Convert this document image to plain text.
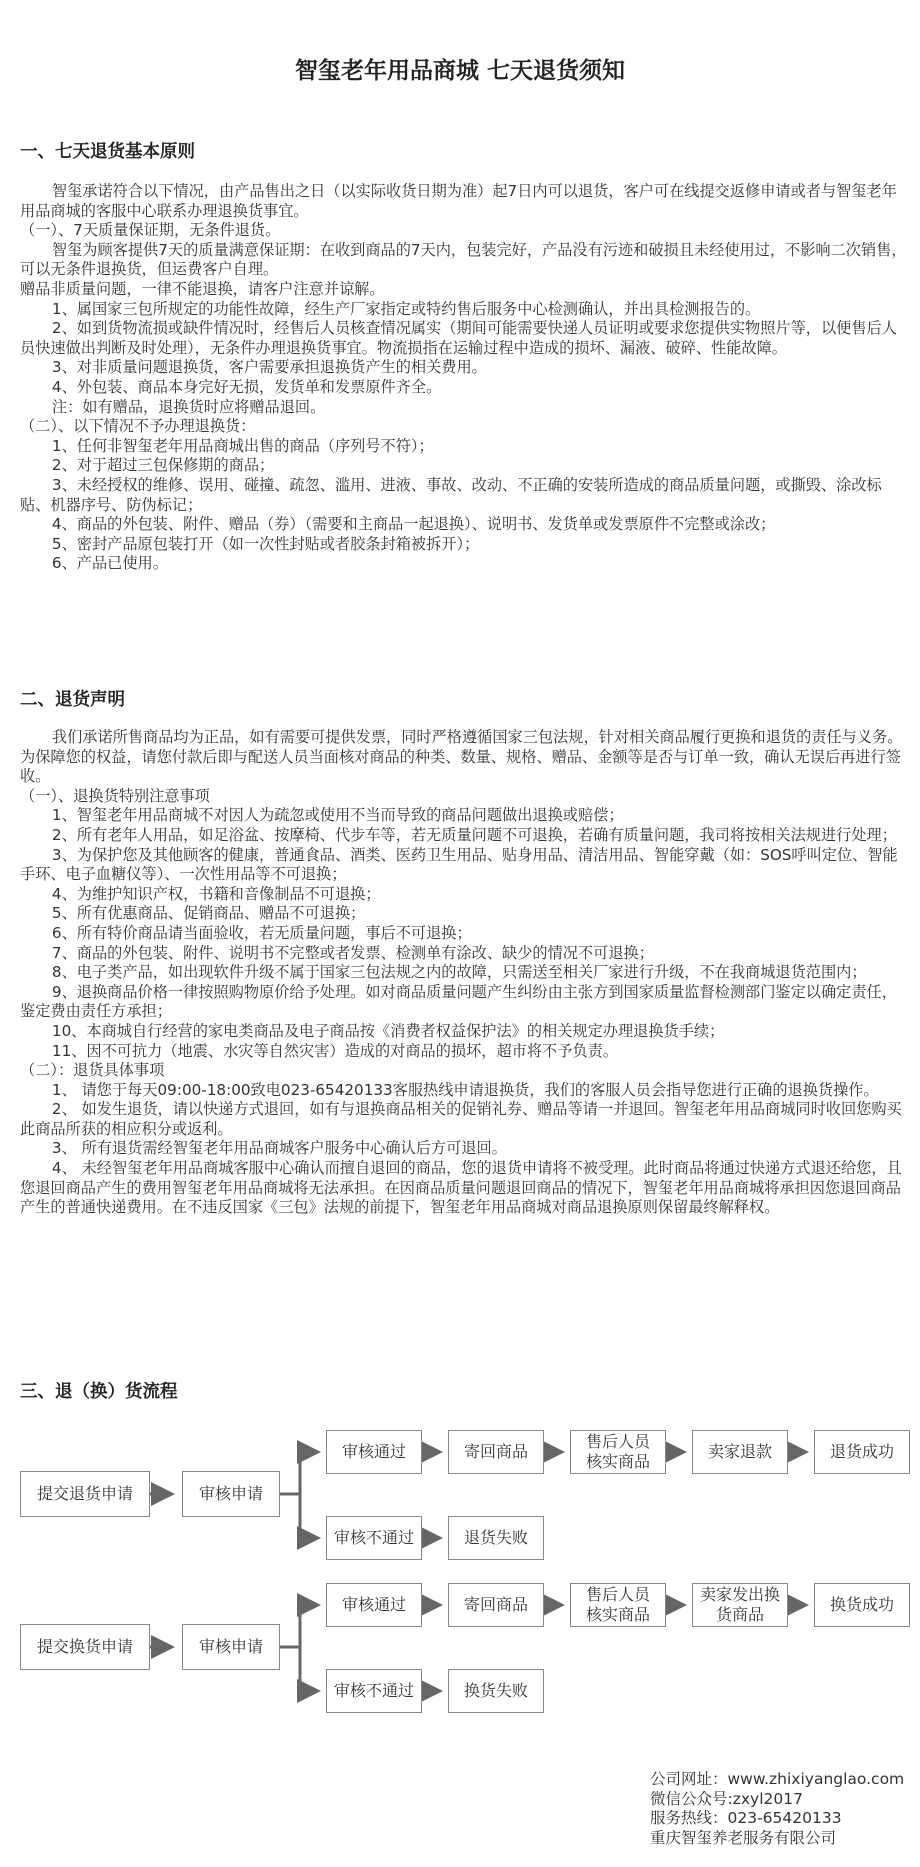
智玺老年用品商城 七天退货须知
一、七天退货基本原则

智玺承诺符合以下情况，由产品售出之日（以实际收货日期为准）起7日内可以退货，客户可在线提交返修申请或者与智玺老年用品商城的客服中心联系办理退换货事宜。

（一）、7天质量保证期，无条件退货。

智玺为顾客提供7天的质量满意保证期：在收到商品的7天内，包装完好，产品没有污迹和破损且未经使用过，不影响二次销售，可以无条件退换货，但运费客户自理。

赠品非质量问题，一律不能退换，请客户注意并谅解。

1、属国家三包所规定的功能性故障，经生产厂家指定或特约售后服务中心检测确认，并出具检测报告的。

2、如到货物流损或缺件情况时，经售后人员核查情况属实（期间可能需要快递人员证明或要求您提供实物照片等，以便售后人员快速做出判断及时处理），无条件办理退换货事宜。物流损指在运输过程中造成的损坏、漏液、破碎、性能故障。

3、对非质量问题退换货，客户需要承担退换货产生的相关费用。

4、外包装、商品本身完好无损，发货单和发票原件齐全。

注：如有赠品，退换货时应将赠品退回。

（二）、以下情况不予办理退换货：

1、任何非智玺老年用品商城出售的商品（序列号不符）；

2、对于超过三包保修期的商品；

3、未经授权的维修、误用、碰撞、疏忽、滥用、进液、事故、改动、不正确的安装所造成的商品质量问题，或撕毁、涂改标贴、机器序号、防伪标记；

4、商品的外包装、附件、赠品（券）（需要和主商品一起退换）、说明书、发货单或发票原件不完整或涂改；

5、密封产品原包装打开（如一次性封贴或者胶条封箱被拆开）；

6、产品已使用。

二、退货声明

我们承诺所售商品均为正品，如有需要可提供发票，同时严格遵循国家三包法规，针对相关商品履行更换和退货的责任与义务。为保障您的权益，请您付款后即与配送人员当面核对商品的种类、数量、规格、赠品、金额等是否与订单一致，确认无误后再进行签收。

（一）、退换货特别注意事项

1、智玺老年用品商城不对因人为疏忽或使用不当而导致的商品问题做出退换或赔偿；

2、所有老年人用品，如足浴盆、按摩椅、代步车等，若无质量问题不可退换，若确有质量问题，我司将按相关法规进行处理；

3、为保护您及其他顾客的健康，普通食品、酒类、医药卫生用品、贴身用品、清洁用品、智能穿戴（如：SOS呼叫定位、智能手环、电子血糖仪等）、一次性用品等不可退换；

4、为维护知识产权，书籍和音像制品不可退换；

5、所有优惠商品、促销商品、赠品不可退换；

6、所有特价商品请当面验收，若无质量问题，事后不可退换；

7、商品的外包装、附件、说明书不完整或者发票、检测单有涂改、缺少的情况不可退换；

8、电子类产品，如出现软件升级不属于国家三包法规之内的故障，只需送至相关厂家进行升级，不在我商城退货范围内；

9、退换商品价格一律按照购物原价给予处理。如对商品质量问题产生纠纷由主张方到国家质量监督检测部门鉴定以确定责任，鉴定费由责任方承担；

10、本商城自行经营的家电类商品及电子商品按《消费者权益保护法》的相关规定办理退换货手续；

11、因不可抗力（地震、水灾等自然灾害）造成的对商品的损坏，超市将不予负责。

（二）：退货具体事项

1、 请您于每天09:00-18:00致电023-65420133客服热线申请退换货，我们的客服人员会指导您进行正确的退换货操作。

2、 如发生退货，请以快递方式退回，如有与退换商品相关的促销礼券、赠品等请一并退回。智玺老年用品商城同时收回您购买此商品所获的相应积分或返利。

3、 所有退货需经智玺老年用品商城客户服务中心确认后方可退回。

4、 未经智玺老年用品商城客服中心确认而擅自退回的商品，您的退货申请将不被受理。此时商品将通过快递方式退还给您，且您退回商品产生的费用智玺老年用品商城将无法承担。在因商品质量问题退回商品的情况下，智玺老年用品商城将承担因您退回商品产生的普通快递费用。在不违反国家《三包》法规的前提下，智玺老年用品商城对商品退换原则保留最终解释权。

三、退（换）货流程
提交退货申请	审核申请
审核通过	寄回商品
售后人员核实商品
卖家退款	退货成功
审核不通过	退货失败
提交换货申请	审核申请
审核通过	寄回商品
售后人员核实商品
卖家发出换货商品
换货成功
审核不通过	换货失败
公司网址：www.zhixiyanglao.com
微信公众号:zxyl2017
服务热线：023-65420133
重庆智玺养老服务有限公司
